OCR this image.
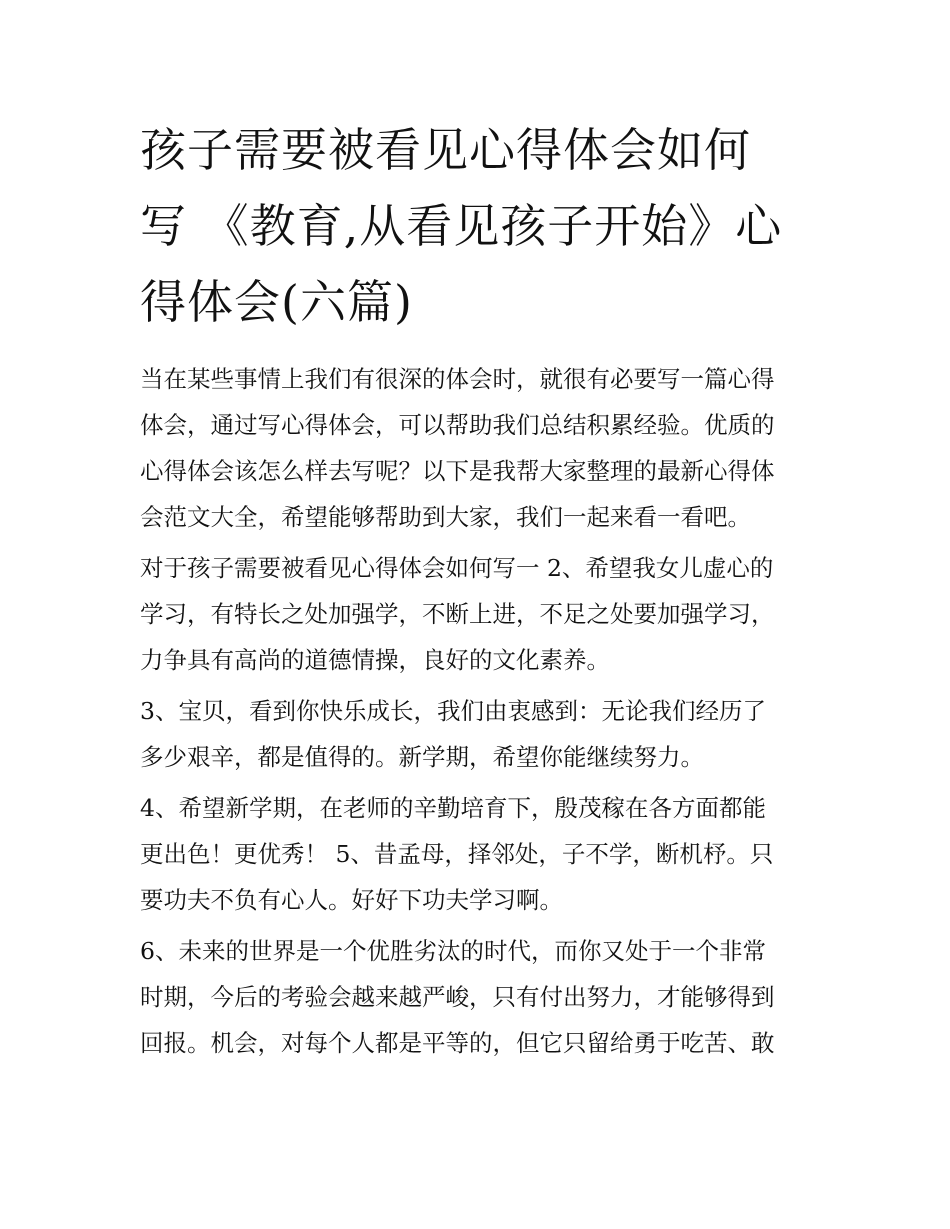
孩子需要被看见心得体会如何
写 《教育,从看见孩子开始》心
得体会(六篇)
当在某些事情上我们有很深的体会时，就很有必要写一篇心得
体会，通过写心得体会，可以帮助我们总结积累经验。优质的
心得体会该怎么样去写呢？以下是我帮大家整理的最新心得体
会范文大全，希望能够帮助到大家，我们一起来看一看吧。
对于孩子需要被看见心得体会如何写一 2、希望我女儿虚心的
学习，有特长之处加强学，不断上进，不足之处要加强学习，
力争具有高尚的道德情操，良好的文化素养。
3、宝贝，看到你快乐成长，我们由衷感到：无论我们经历了
多少艰辛，都是值得的。新学期，希望你能继续努力。
4、希望新学期，在老师的辛勤培育下，殷茂稼在各方面都能
更出色！更优秀！ 5、昔孟母，择邻处，子不学，断机杼。只
要功夫不负有心人。好好下功夫学习啊。
6、未来的世界是一个优胜劣汰的时代，而你又处于一个非常
时期，今后的考验会越来越严峻，只有付出努力，才能够得到
回报。机会，对每个人都是平等的，但它只留给勇于吃苦、敢
